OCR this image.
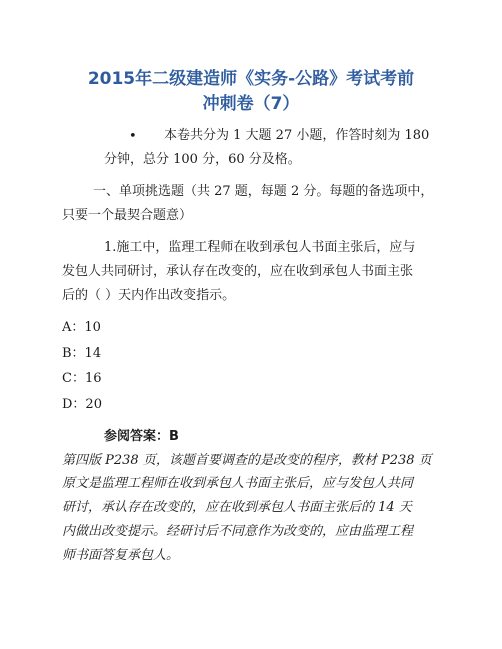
2015年二级建造师《实务-公路》考试考前
冲刺卷（7）
• 本卷共分为 1 大题 27 小题，作答时刻为 180
分钟，总分 100 分，60 分及格。
一、单项挑选题（共 27 题，每题 2 分。每题的备选项中，
只要一个最契合题意）
1.施工中，监理工程师在收到承包人书面主张后，应与
发包人共同研讨，承认存在改变的，应在收到承包人书面主张
后的（ ）天内作出改变指示。
A：10
B：14
C：16
D：20
参阅答案：B
第四版 P238 页，该题首要调查的是改变的程序，教材 P238 页
原文是监理工程师在收到承包人书面主张后，应与发包人共同
研讨，承认存在改变的，应在收到承包人书面主张后的 14 天
内做出改变提示。经研讨后不同意作为改变的，应由监理工程
师书面答复承包人。
